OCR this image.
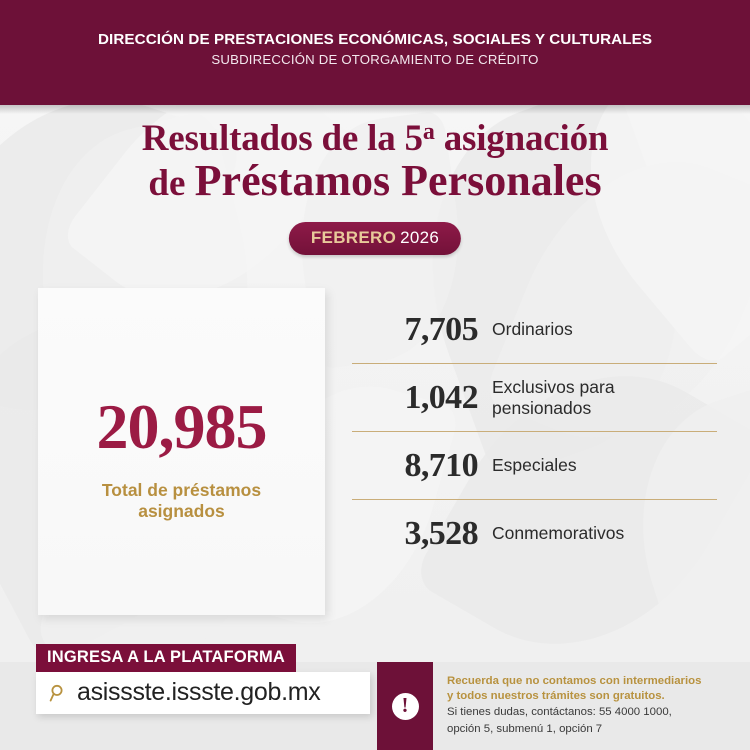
DIRECCIÓN DE PRESTACIONES ECONÓMICAS, SOCIALES Y CULTURALES
SUBDIRECCIÓN DE OTORGAMIENTO DE CRÉDITO
Resultados de la 5$^a$ asignación
de Préstamos Personales
FEBRERO 2026
20,985
Total de préstamos asignados
7,705 Ordinarios
1,042 Exclusivos para pensionados
8,710 Especiales
3,528 Conmemorativos
INGRESA A LA PLATAFORMA
asissste.issste.gob.mx	!
Recuerda que no contamos con intermediarios
y todos nuestros trámites son gratuitos.
Si tienes dudas, contáctanos: 55 4000 1000,
opción 5, submenú 1, opción 7
